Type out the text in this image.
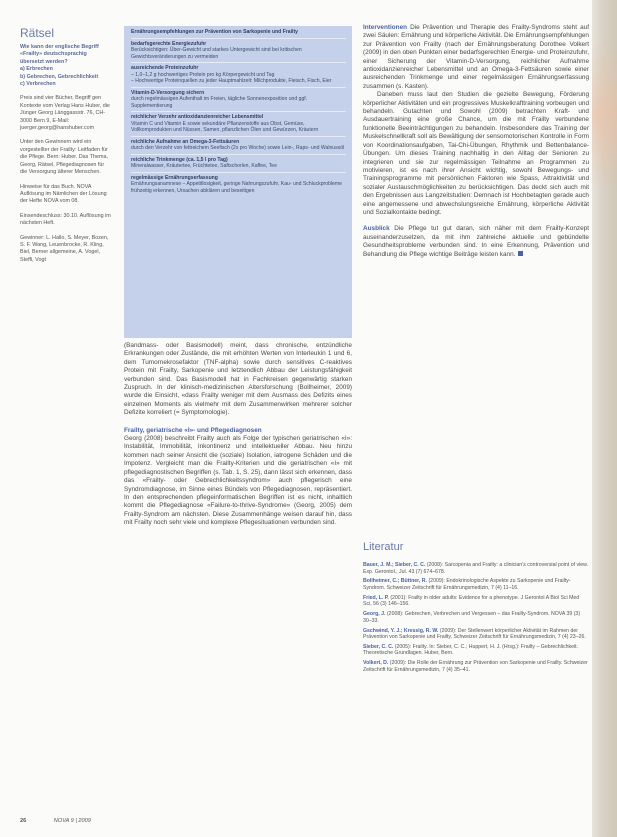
Rätsel

Wie kann der englische Begriff «Frailty» deutschsprachig übersetzt werden?

a) Erbrechen

b) Gebrechen, Gebrechlichkeit

c) Verbrechen

Preis sind vier Bücher, Begriff gen Kontexte vom Verlag Hans Huber, die Jünger Georg Länggassstr. 76, CH-3000 Bern 9, E-Mail: juerger.georg@hanshuber.com

Unter den Gewinnern wird ein vorgestellter der Frailty: Leitfaden für die Pflege. Bern: Huber. Das Thema, Georg, Rätsel, Pflegediagnosen für die Versorgung älterer Menschen.

Hinweise für das Buch. NOVA Auflösung im Nämlichen der Lösung der Hefte NOVA vom 08.

Einsendeschluss: 30.10. Auflösung im nächsten Heft.

Gewinner: L. Hallo, S. Meyer, Bozen, S. F. Wang, Leuenbrocke, R. Kling, Biel, Berner allgemeine, A. Vogel, Steffi, Vogt

Ernährungsempfehlungen zur Prävention von Sarkopenie und Frailty

bedarfsgerechte Energiezufuhr

Berücksichtigen: Über-Gewicht und starkes Untergewicht sind bei kritischen Gewichtsveränderungen zu vermeiden

ausreichende Proteinzufuhr

– 1,0–1,2 g hochwertiges Protein pro kg Körpergewicht und Tag
– Hochwertige Proteinquellen zu jeder Hauptmahlzeit: Milchprodukte, Fleisch, Fisch, Eier

Vitamin-D-Versorgung sichern

durch regelmässigen Aufenthalt im Freien, tägliche Sonnenexposition und ggf. Supplementierung

reichlicher Verzehr antioxidanzienreicher Lebensmittel

Vitamin C und Vitamin E sowie sekundäre Pflanzenstoffe aus Obst, Gemüse, Vollkornprodukten und Nüssen, Samen, pflanzlichen Ölen und Gewürzen, Kräutern

reichliche Aufnahme an Omega-3-Fettsäuren

durch den Verzehr von fettreichem Seefisch (2x pro Woche) sowie Lein-, Raps- und Walnussöl

reichliche Trinkmenge (ca. 1,5 l pro Tag)

Mineralwasser, Kräutertee, Früchtetee, Saftschorlen, Kaffee, Tee

regelmässige Ernährungserfassung

Ernährungsanamnese – Appetitlosigkeit, geringe Nahrungszufuhr, Kau- und Schluckprobleme frühzeitig erkennen, Ursachen abklären und beseitigen

(Bandmass- oder Basismodell) meint, dass chronische, entzündliche Erkrankungen oder Zustände, die mit erhöhten Werten von Interleukin 1 und 6, dem Tumornekrosefaktor (TNF-alpha) sowie durch sensitives C-reaktives Protein mit Frailty, Sarkopenie und letztendlich Abbau der Leistungsfähigkeit verbunden sind. Das Basismodell hat in Fachkreisen gegenwärtig starken Zuspruch. In der klinisch-medizinischen Altersforschung (Bollheimer, 2009) wurde die Einsicht, «dass Frailty weniger mit dem Ausmass des Defizits eines einzelnen Moments als vielmehr mit dem Zusammenwirken mehrerer solcher Defizite korreliert (= Symptomologie).

Frailty, geriatrische «I»- und Pflegediagnosen

Georg (2008) beschreibt Frailty auch als Folge der typischen geriatrischen «I»: Instabilität, Immobilität, Inkontinenz und intellektueller Abbau. Neu hinzu kommen nach seiner Ansicht die (soziale) Isolation, iatrogene Schäden und die Impotenz. Vergleicht man die Frailty-Kriterien und die geriatrischen «I» mit pflegediagnostischen Begriffen (s. Tab. 1, S. 25), dann lässt sich erkennen, dass das «Frailty- oder Gebrechlichkeitssyndrom» auch pflegerisch eine Syndromdiagnose, im Sinne eines Bündels von Pflegediagnosen, repräsentiert. In den entsprechenden pflegeinformatischen Begriffen ist es nicht, inhaltlich kommt die Pflegediagnose «Failure-to-thrive-Syndrome» (Georg, 2005) dem Frailty-Syndrom am nächsten. Diese Zusammenhänge weisen darauf hin, dass mit Frailty noch sehr viele und komplexe Pflegesituationen verbunden sind.

Interventionen Die Prävention und Therapie des Frailty-Syndroms steht auf zwei Säulen: Ernährung und körperliche Aktivität. Die Ernährungsempfehlungen zur Prävention von Frailty (nach der Ernährungsberatung Dorothee Volkert (2009) in den oben Punkten einer bedarfsgerechten Energie- und Proteinzufuhr, einer Sicherung der Vitamin-D-Versorgung, reichlicher Aufnahme antioxidanzienreicher Lebensmittel und an Omega-3-Fettsäuren sowie einer ausreichenden Trinkmenge und einer regelmässigen Ernährungserfassung zusammen (s. Kasten).

Daneben muss laut den Studien die gezielte Bewegung, Förderung körperlicher Aktivitäten und ein progressives Muskelkrafttraining vorbeugen und behandeln. Gutachten und Sowohl (2009) betrachten Kraft- und Ausdauertraining eine große Chance, um die mit Frailty verbundene funktionelle Beeinträchtigungen zu behandeln. Insbesondere das Training der Muskelschnellkraft soll als Bewältigung der sensomotorischen Kontrolle in Form von Koordinationsaufgaben, Tai-Chi-Übungen, Rhythmik und Bettenbalance-Übungen. Um dieses Training nachhaltig in den Alltag der Senioren zu integrieren und sie zur regelmässigen Teilnahme an Programmen zu motivieren, ist es nach ihrer Ansicht wichtig, sowohl Bewegungs- und Trainingsprogramme mit persönlichen Faktoren wie Spass, Attraktivität und sozialer Austauschmöglichkeiten zu berücksichtigen. Das deckt sich auch mit den Ergebnissen aus Langzeitstudien: Demnach ist Hochbetagten gerade auch eine angemessene und abwechslungsreiche Ernährung, körperliche Aktivität und Sozialkontakte bedingt.

Ausblick Die Pflege tut gut daran, sich näher mit dem Frailty-Konzept auseinanderzusetzen, da mit ihm zahlreiche aktuelle und gebündelte Gesundheitsprobleme verbunden sind. In eine Erkennung, Prävention und Behandlung die Pflege wichtige Beiträge leisten kann.

Literatur
Bauer, J. M.; Sieber, C. C. (2008): Sarcopenia and Frailty: a clinician's controversial point of view. Exp. Gerontol., Jul. 43 (7) 674–678.
Bollheimer, C.; Büttner, R. (2009): Endokrinologische Aspekte zu Sarkopenie und Frailty-Syndrom. Schweizer Zeitschrift für Ernährungsmedizin, 7 (4) 11–16.
Fried, L. P. (2001): Frailty in older adults: Evidence for a phenotype. J Gerontol A Biol Sci Med Sci, 56 (3) 146–156.
Georg, J. (2008): Gebrechen, Verbrechen und Vergessen – das Frailty-Syndrom. NOVA 39 (3) 30–33.
Gschwind, Y. J.; Kressig, R. W. (2009): Der Stellenwert körperlicher Aktivität im Rahmen der Prävention von Sarkopenie und Frailty. Schweizer Zeitschrift für Ernährungsmedizin, 7 (4) 23–26.
Sieber, C. C. (2005): Frailty. In: Sieber, C. C.; Huppert, H. J. (Hrsg.): Frailty – Gebrechlichkeit. Theoretische Grundlagen. Huber, Bern.
Volkert, D. (2009): Die Rolle der Ernährung zur Prävention von Sarkopenie und Frailty. Schweizer Zeitschrift für Ernährungsmedizin, 7 (4) 35–41.
26	NOVA 9 | 2009
